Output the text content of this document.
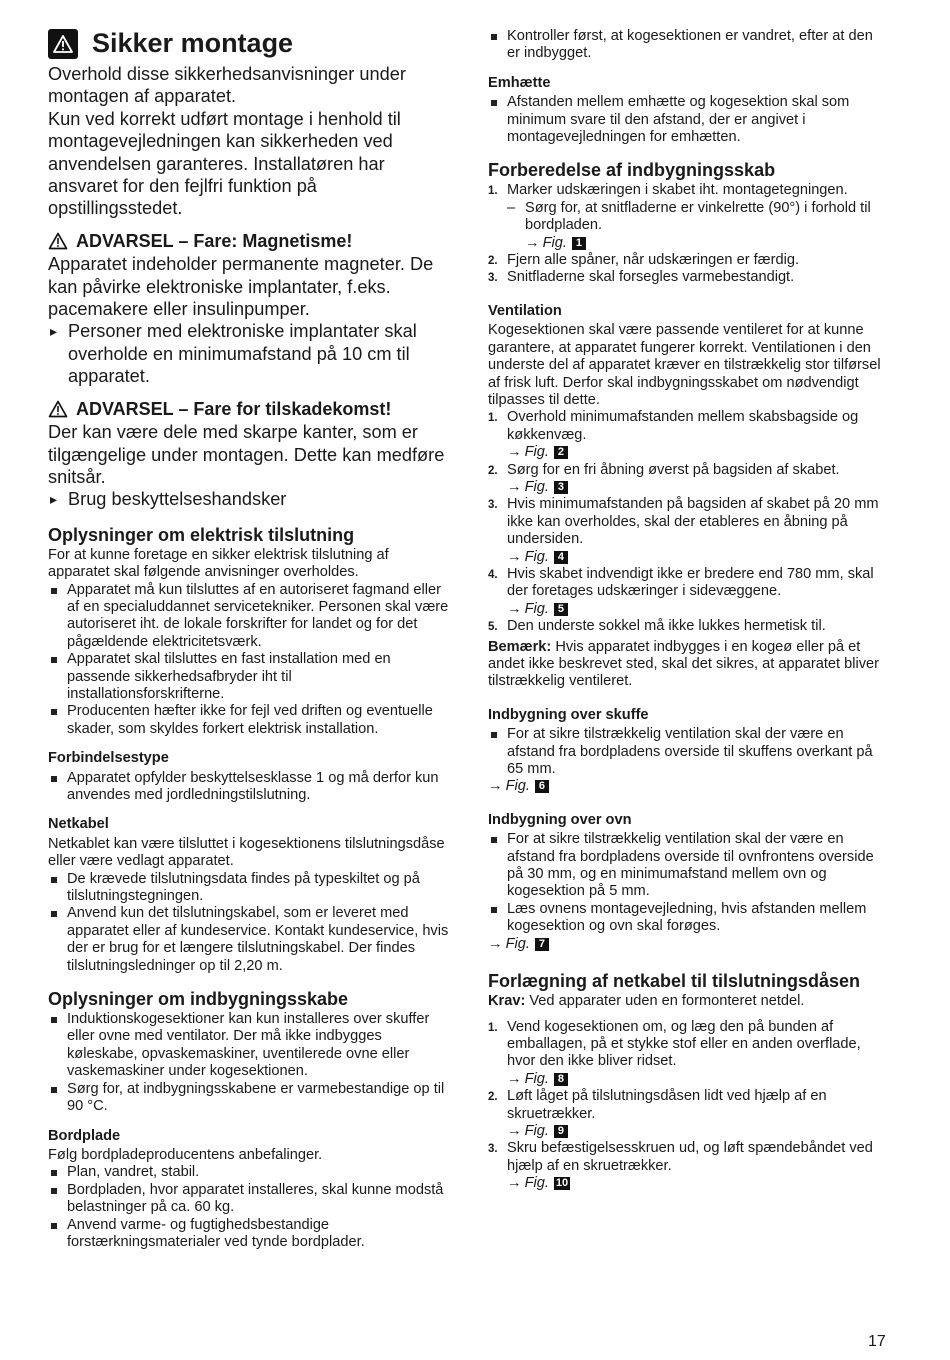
Sikker montage

Overhold disse sikkerhedsanvisninger under montagen af apparatet.

Kun ved korrekt udført montage i henhold til montagevejledningen kan sikkerheden ved anvendelsen garanteres. Installatøren har ansvaret for den fejlfri funktion på opstillingsstedet.

ADVARSEL – Fare: Magnetisme!

Apparatet indeholder permanente magneter. De kan påvirke elektroniske implantater, f.eks. pacemakere eller insulinpumper.

▸ Personer med elektroniske implantater skal overholde en minimumafstand på 10 cm til apparatet.

ADVARSEL – Fare for tilskadekomst!

Der kan være dele med skarpe kanter, som er tilgængelige under montagen. Dette kan medføre snitsår.

▸ Brug beskyttelseshandsker

Oplysninger om elektrisk tilslutning

For at kunne foretage en sikker elektrisk tilslutning af apparatet skal følgende anvisninger overholdes.

Apparatet må kun tilsluttes af en autoriseret fagmand eller af en specialuddannet servicetekniker. Personen skal være autoriseret iht. de lokale forskrifter for landet og for det pågældende elektricitetsværk.
Apparatet skal tilsluttes en fast installation med en passende sikkerhedsafbryder iht til installationsforskrifterne.
Producenten hæfter ikke for fejl ved driften og eventuelle skader, som skyldes forkert elektrisk installation.
Forbindelsestype
Apparatet opfylder beskyttelsesklasse 1 og må derfor kun anvendes med jordledningstilslutning.
Netkabel

Netkablet kan være tilsluttet i kogesektionens tilslutningsdåse eller være vedlagt apparatet.

De krævede tilslutningsdata findes på typeskiltet og på tilslutningstegningen.
Anvend kun det tilslutningskabel, som er leveret med apparatet eller af kundeservice. Kontakt kundeservice, hvis der er brug for et længere tilslutningskabel. Der findes tilslutningsledninger op til 2,20 m.
Oplysninger om indbygningsskabe
Induktionskogesektioner kan kun installeres over skuffer eller ovne med ventilator. Der må ikke indbygges køleskabe, opvaskemaskiner, uventilerede ovne eller vaskemaskiner under kogesektionen.
Sørg for, at indbygningsskabene er varmebestandige op til 90 °C.
Bordplade

Følg bordpladeproducentens anbefalinger.

Plan, vandret, stabil.
Bordpladen, hvor apparatet installeres, skal kunne modstå belastninger på ca. 60 kg.
Anvend varme- og fugtighedsbestandige forstærkningsmaterialer ved tynde bordplader.
Kontroller først, at kogesektionen er vandret, efter at den er indbygget.
Emhætte
Afstanden mellem emhætte og kogesektion skal som minimum svare til den afstand, der er angivet i montagevejledningen for emhætten.
Forberedelse af indbygningsskab
1. Marker udskæringen i skabet iht. montagetegningen.
– Sørg for, at snitfladerne er vinkelrette (90°) i forhold til bordpladen.
→ Fig. 1
2. Fjern alle spåner, når udskæringen er færdig.
3. Snitfladerne skal forsegles varmebestandigt.
Ventilation

Kogesektionen skal være passende ventileret for at kunne garantere, at apparatet fungerer korrekt. Ventilationen i den underste del af apparatet kræver en tilstrækkelig stor tilførsel af frisk luft. Derfor skal indbygningsskabet om nødvendigt tilpasses til dette.

1. Overhold minimumafstanden mellem skabsbagside og køkkenvæg.
→ Fig. 2
2. Sørg for en fri åbning øverst på bagsiden af skabet.
→ Fig. 3
3. Hvis minimumafstanden på bagsiden af skabet på 20 mm ikke kan overholdes, skal der etableres en åbning på undersiden.
→ Fig. 4
4. Hvis skabet indvendigt ikke er bredere end 780 mm, skal der foretages udskæringer i sidevæggene.
→ Fig. 5
5. Den underste sokkel må ikke lukkes hermetisk til.

Bemærk: Hvis apparatet indbygges i en kogeø eller på et andet ikke beskrevet sted, skal det sikres, at apparatet bliver tilstrækkelig ventileret.

Indbygning over skuffe
For at sikre tilstrækkelig ventilation skal der være en afstand fra bordpladens overside til skuffens overkant på 65 mm.
→ Fig. 6
Indbygning over ovn
For at sikre tilstrækkelig ventilation skal der være en afstand fra bordpladens overside til ovnfrontens overside på 30 mm, og en minimumafstand mellem ovn og kogesektion på 5 mm.
Læs ovnens montagevejledning, hvis afstanden mellem kogesektion og ovn skal forøges.
→ Fig. 7
Forlægning af netkabel til tilslutningsdåsen

Krav: Ved apparater uden en formonteret netdel.

1. Vend kogesektionen om, og læg den på bunden af emballagen, på et stykke stof eller en anden overflade, hvor den ikke bliver ridset.
→ Fig. 8
2. Løft låget på tilslutningsdåsen lidt ved hjælp af en skruetrækker.
→ Fig. 9
3. Skru befæstigelsesskruen ud, og løft spændebåndet ved hjælp af en skruetrækker.
→ Fig. 10
17
